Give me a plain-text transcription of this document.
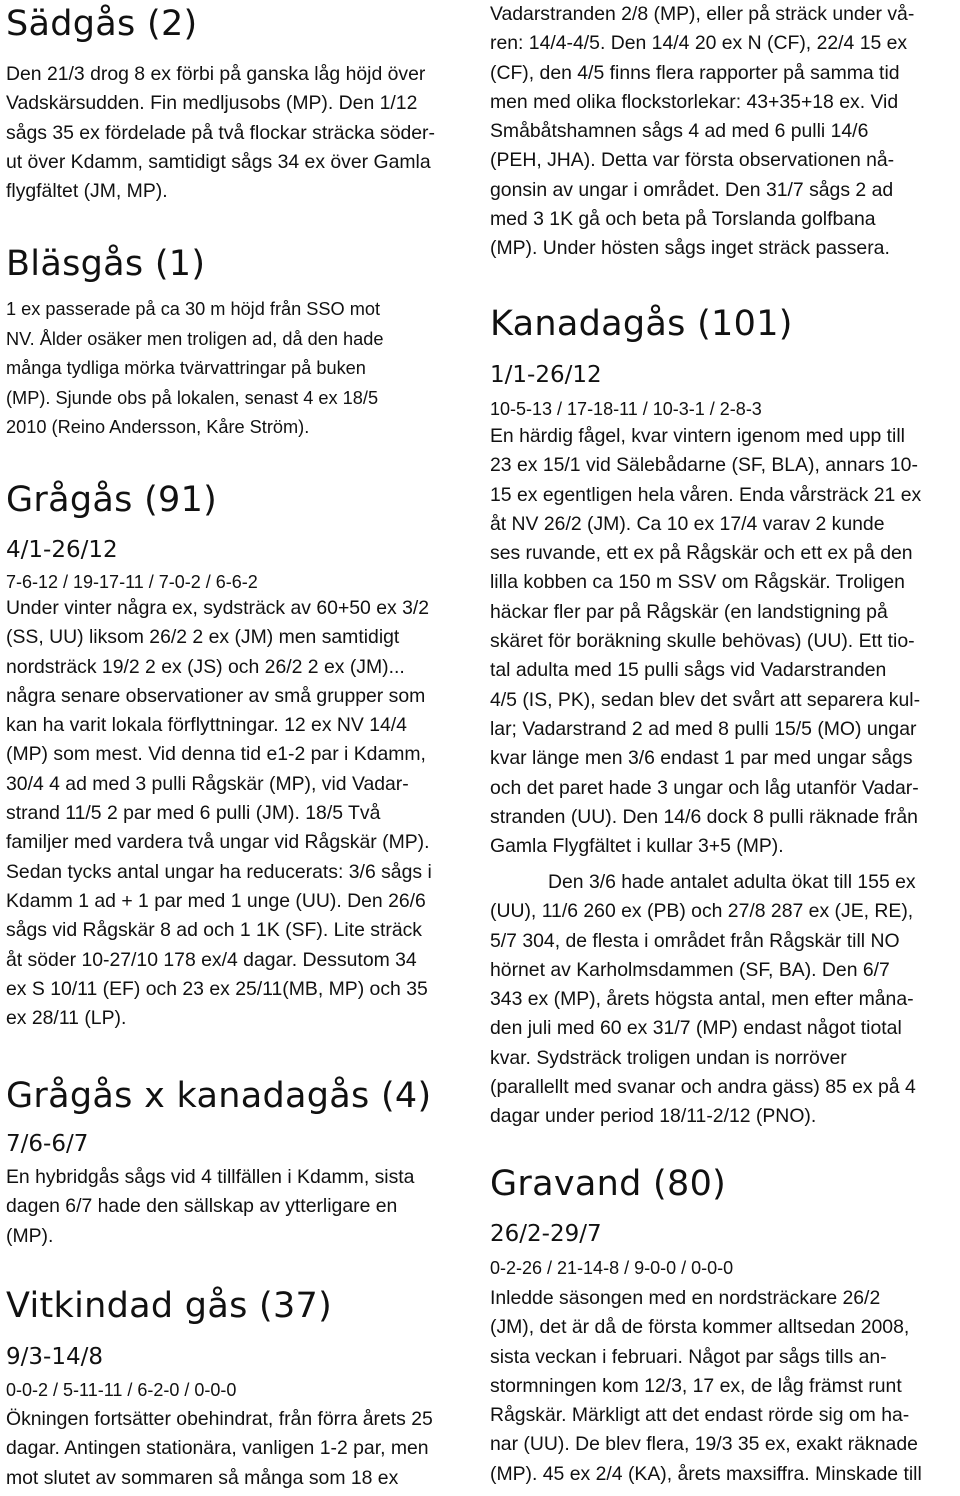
Sädgås (2)

Den 21/3 drog 8 ex förbi på ganska låg höjd över
Vadskärsudden. Fin medljusobs (MP). Den 1/12
sågs 35 ex fördelade på två flockar sträcka söder-
ut över Kdamm, samtidigt sågs 34 ex över Gamla
flygfältet (JM, MP).

Bläsgås (1)

1 ex passerade på ca 30 m höjd från SSO mot
NV. Ålder osäker men troligen ad, då den hade
många tydliga mörka tvärvattringar på buken
(MP). Sjunde obs på lokalen, senast 4 ex 18/5
2010 (Reino Andersson, Kåre Ström).

Grågås (91)

4/1-26/12

7-6-12 / 19-17-11 / 7-0-2 / 6-6-2

Under vinter några ex, sydsträck av 60+50 ex 3/2
(SS, UU) liksom 26/2 2 ex (JM) men samtidigt
nordsträck 19/2 2 ex (JS) och 26/2 2 ex (JM)...
några senare observationer av små grupper som
kan ha varit lokala förflyttningar. 12 ex NV 14/4
(MP) som mest. Vid denna tid e1-2 par i Kdamm,
30/4 4 ad med 3 pulli Rågskär (MP), vid Vadar-
strand 11/5 2 par med 6 pulli (JM). 18/5 Två
familjer med vardera två ungar vid Rågskär (MP).
Sedan tycks antal ungar ha reducerats: 3/6 sågs i
Kdamm 1 ad + 1 par med 1 unge (UU). Den 26/6
sågs vid Rågskär 8 ad och 1 1K (SF). Lite sträck
åt söder 10-27/10 178 ex/4 dagar. Dessutom 34
ex S 10/11 (EF) och 23 ex 25/11(MB, MP) och 35
ex 28/11 (LP).

Grågås x kanadagås (4)

7/6-6/7

En hybridgås sågs vid 4 tillfällen i Kdamm, sista
dagen 6/7 hade den sällskap av ytterligare en
(MP).

Vitkindad gås (37)

9/3-14/8

0-0-2 / 5-11-11 / 6-2-0 / 0-0-0

Ökningen fortsätter obehindrat, från förra årets 25
dagar. Antingen stationära, vanligen 1-2 par, men
mot slutet av sommaren så många som 18 ex

Vadarstranden 2/8 (MP), eller på sträck under vå-
ren: 14/4-4/5. Den 14/4 20 ex N (CF), 22/4 15 ex
(CF), den 4/5 finns flera rapporter på samma tid
men med olika flockstorlekar: 43+35+18 ex. Vid
Småbåtshamnen sågs 4 ad med 6 pulli 14/6
(PEH, JHA). Detta var första observationen nå-
gonsin av ungar i området. Den 31/7 sågs 2 ad
med 3 1K gå och beta på Torslanda golfbana
(MP). Under hösten sågs inget sträck passera.

Kanadagås (101)

1/1-26/12

10-5-13 / 17-18-11 / 10-3-1 / 2-8-3

En härdig fågel, kvar vintern igenom med upp till
23 ex 15/1 vid Sälebådarne (SF, BLA), annars 10-
15 ex egentligen hela våren. Enda vårsträck 21 ex
åt NV 26/2 (JM). Ca 10 ex 17/4 varav 2 kunde
ses ruvande, ett ex på Rågskär och ett ex på den
lilla kobben ca 150 m SSV om Rågskär. Troligen
häckar fler par på Rågskär (en landstigning på
skäret för boräkning skulle behövas) (UU). Ett tio-
tal adulta med 15 pulli sågs vid Vadarstranden
4/5 (IS, PK), sedan blev det svårt att separera kul-
lar; Vadarstrand 2 ad med 8 pulli 15/5 (MO) ungar
kvar länge men 3/6 endast 1 par med ungar sågs
och det paret hade 3 ungar och låg utanför Vadar-
stranden (UU). Den 14/6 dock 8 pulli räknade från
Gamla Flygfältet i kullar 3+5 (MP).

Den 3/6 hade antalet adulta ökat till 155 ex
(UU), 11/6 260 ex (PB) och 27/8 287 ex (JE, RE),
5/7 304, de flesta i området från Rågskär till NO
hörnet av Karholmsdammen (SF, BA). Den 6/7
343 ex (MP), årets högsta antal, men efter måna-
den juli med 60 ex 31/7 (MP) endast något tiotal
kvar. Sydsträck troligen undan is norröver
(parallellt med svanar och andra gäss) 85 ex på 4
dagar under period 18/11-2/12 (PNO).

Gravand (80)

26/2-29/7

0-2-26 / 21-14-8 / 9-0-0 / 0-0-0

Inledde säsongen med en nordsträckare 26/2
(JM), det är då de första kommer alltsedan 2008,
sista veckan i februari. Något par sågs tills an-
stormningen kom 12/3, 17 ex, de låg främst runt
Rågskär. Märkligt att det endast rörde sig om ha-
nar (UU). De blev flera, 19/3 35 ex, exakt räknade
(MP). 45 ex 2/4 (KA), årets maxsiffra. Minskade till
